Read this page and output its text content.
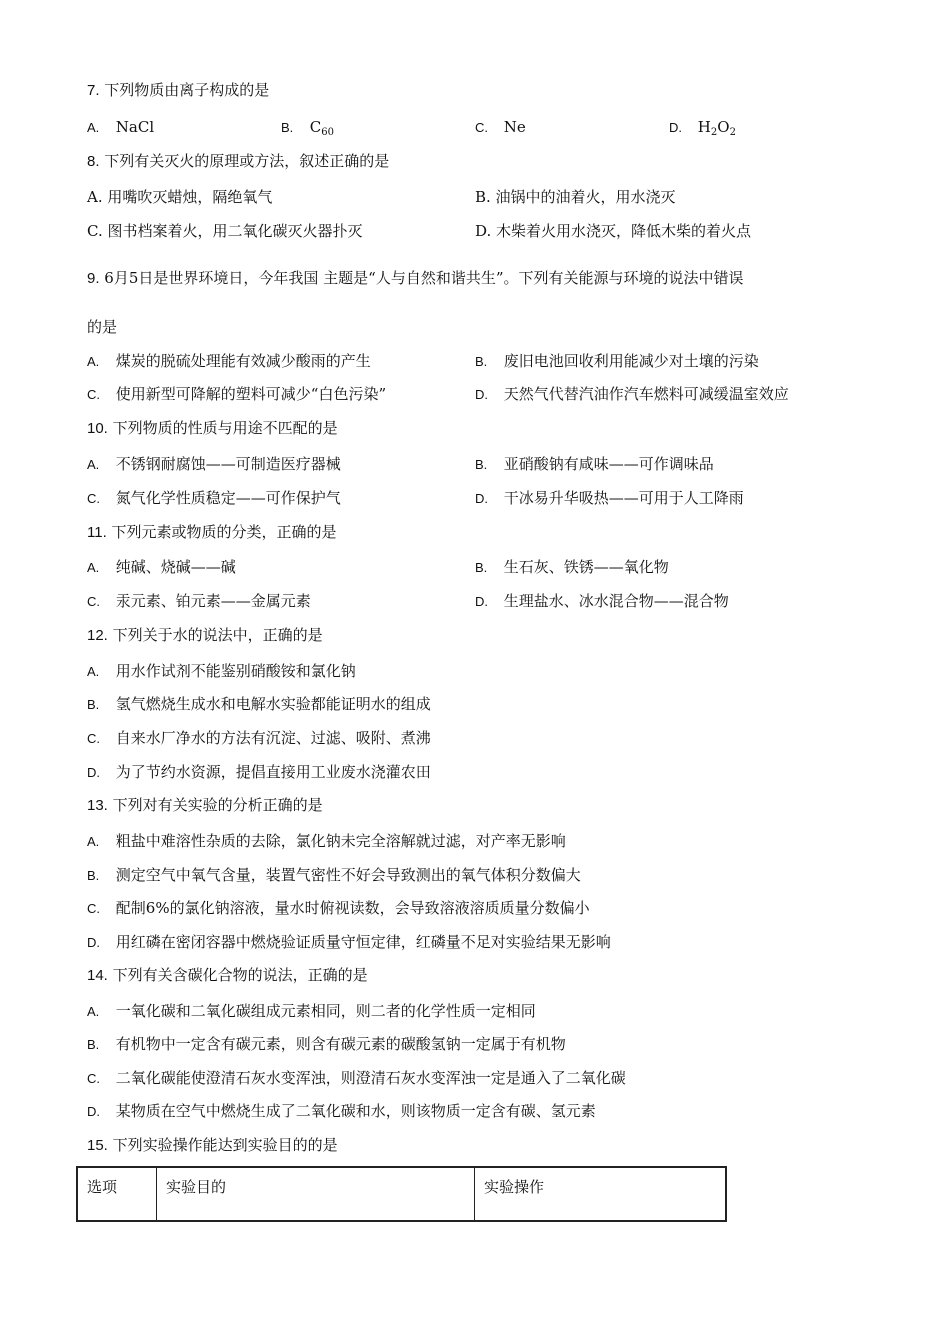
7. 下列物质由离子构成的是
A. NaCl	B. $C_{60}$	C. Ne	D. $H_2O_2$
8. 下列有关灭火的原理或方法，叙述正确的是
A. 用嘴吹灭蜡烛，隔绝氧气	B. 油锅中的油着火，用水浇灭
C. 图书档案着火，用二氧化碳灭火器扑灭	D. 木柴着火用水浇灭，降低木柴的着火点
9. 6月5日是世界环境日，今年我国 主题是“人与自然和谐共生”。下列有关能源与环境的说法中错误
的是
A. 煤炭的脱硫处理能有效减少酸雨的产生	B. 废旧电池回收利用能减少对土壤的污染
C. 使用新型可降解的塑料可减少“白色污染”	D. 天然气代替汽油作汽车燃料可减缓温室效应
10. 下列物质的性质与用途不匹配的是
A. 不锈钢耐腐蚀——可制造医疗器械	B. 亚硝酸钠有咸味——可作调味品
C. 氮气化学性质稳定——可作保护气	D. 干冰易升华吸热——可用于人工降雨
11. 下列元素或物质的分类，正确的是
A. 纯碱、烧碱——碱	B. 生石灰、铁锈——氧化物
C. 汞元素、铂元素——金属元素	D. 生理盐水、冰水混合物——混合物
12. 下列关于水的说法中，正确的是
A. 用水作试剂不能鉴别硝酸铵和氯化钠
B. 氢气燃烧生成水和电解水实验都能证明水的组成
C. 自来水厂净水的方法有沉淀、过滤、吸附、煮沸
D. 为了节约水资源，提倡直接用工业废水浇灌农田
13. 下列对有关实验的分析正确的是
A. 粗盐中难溶性杂质的去除，氯化钠未完全溶解就过滤，对产率无影响
B. 测定空气中氧气含量，装置气密性不好会导致测出的氧气体积分数偏大
C. 配制6%的氯化钠溶液，量水时俯视读数，会导致溶液溶质质量分数偏小
D. 用红磷在密闭容器中燃烧验证质量守恒定律，红磷量不足对实验结果无影响
14. 下列有关含碳化合物的说法，正确的是
A. 一氧化碳和二氧化碳组成元素相同，则二者的化学性质一定相同
B. 有机物中一定含有碳元素，则含有碳元素的碳酸氢钠一定属于有机物
C. 二氧化碳能使澄清石灰水变浑浊，则澄清石灰水变浑浊一定是通入了二氧化碳
D. 某物质在空气中燃烧生成了二氧化碳和水，则该物质一定含有碳、氢元素
15. 下列实验操作能达到实验目的的是
选项	实验目的	实验操作
